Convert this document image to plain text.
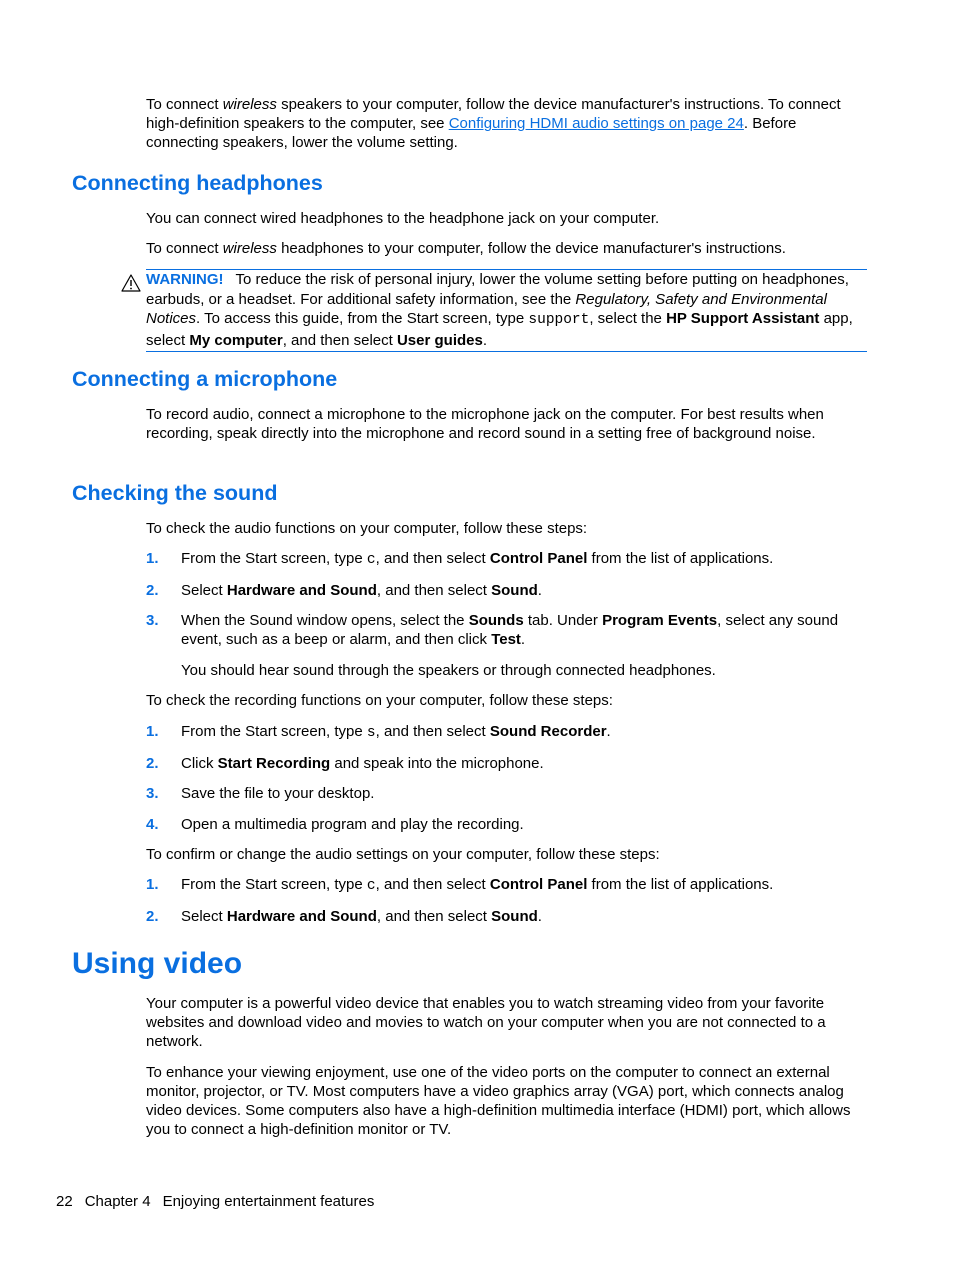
To connect wireless speakers to your computer, follow the device manufacturer's instructions. To connect high-definition speakers to the computer, see Configuring HDMI audio settings on page 24. Before connecting speakers, lower the volume setting.
Connecting headphones
You can connect wired headphones to the headphone jack on your computer.
To connect wireless headphones to your computer, follow the device manufacturer's instructions.
WARNING! To reduce the risk of personal injury, lower the volume setting before putting on headphones, earbuds, or a headset. For additional safety information, see the Regulatory, Safety and Environmental Notices. To access this guide, from the Start screen, type support, select the HP Support Assistant app, select My computer, and then select User guides.
Connecting a microphone
To record audio, connect a microphone to the microphone jack on the computer. For best results when recording, speak directly into the microphone and record sound in a setting free of background noise.
Checking the sound
To check the audio functions on your computer, follow these steps:
1. From the Start screen, type c, and then select Control Panel from the list of applications.
2. Select Hardware and Sound, and then select Sound.
3. When the Sound window opens, select the Sounds tab. Under Program Events, select any sound event, such as a beep or alarm, and then click Test.
You should hear sound through the speakers or through connected headphones.
To check the recording functions on your computer, follow these steps:
1. From the Start screen, type s, and then select Sound Recorder.
2. Click Start Recording and speak into the microphone.
3. Save the file to your desktop.
4. Open a multimedia program and play the recording.
To confirm or change the audio settings on your computer, follow these steps:
1. From the Start screen, type c, and then select Control Panel from the list of applications.
2. Select Hardware and Sound, and then select Sound.
Using video
Your computer is a powerful video device that enables you to watch streaming video from your favorite websites and download video and movies to watch on your computer when you are not connected to a network.
To enhance your viewing enjoyment, use one of the video ports on the computer to connect an external monitor, projector, or TV. Most computers have a video graphics array (VGA) port, which connects analog video devices. Some computers also have a high-definition multimedia interface (HDMI) port, which allows you to connect a high-definition monitor or TV.
22 Chapter 4 Enjoying entertainment features
